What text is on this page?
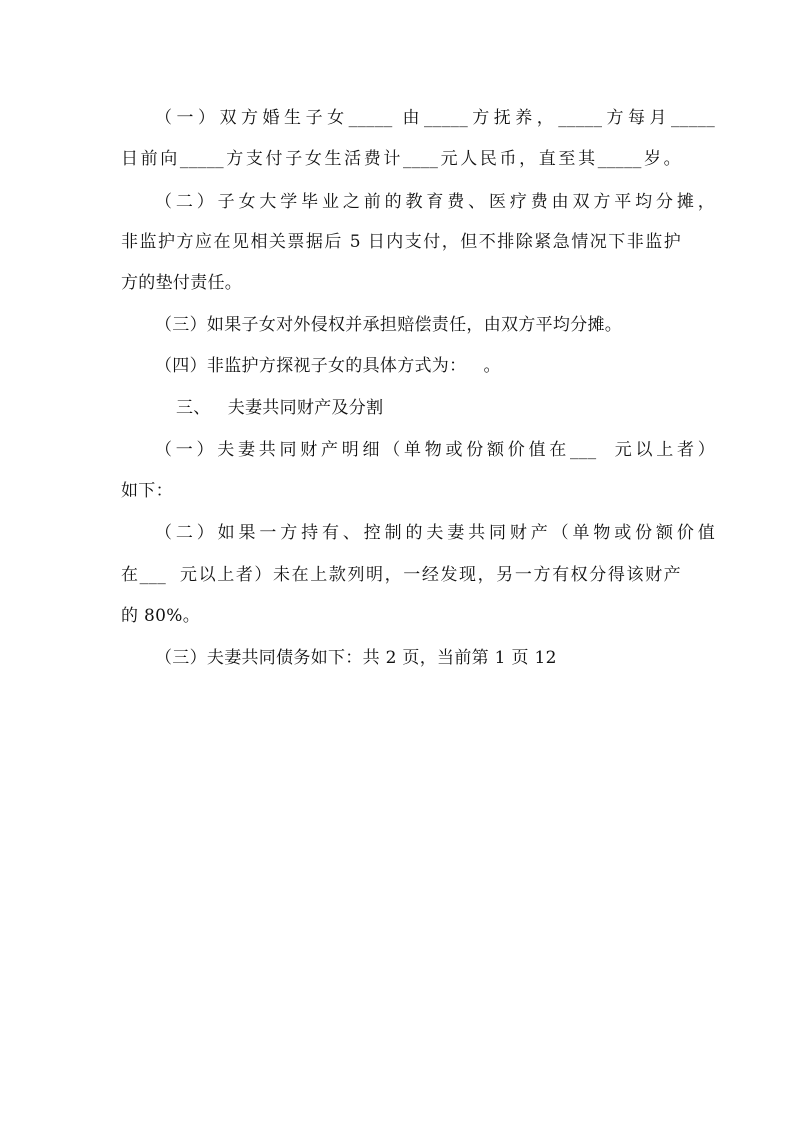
（一）双方婚生子女_____ 由_____方抚养，_____方每月_____
日前向_____方支付子女生活费计____元人民币，直至其_____岁。
（二）子女大学毕业之前的教育费、医疗费由双方平均分摊，
非监护方应在见相关票据后 5 日内支付，但不排除紧急情况下非监护
方的垫付责任。
（三）如果子女对外侵权并承担赔偿责任，由双方平均分摊。
（四）非监护方探视子女的具体方式为：   。
三、   夫妻共同财产及分割
（一）夫妻共同财产明细（单物或份额价值在___  元以上者）
如下：
（二）如果一方持有、控制的夫妻共同财产（单物或份额价值
在___  元以上者）未在上款列明，一经发现，另一方有权分得该财产
的 80%。
（三）夫妻共同债务如下：共 2 页，当前第 1 页 12
